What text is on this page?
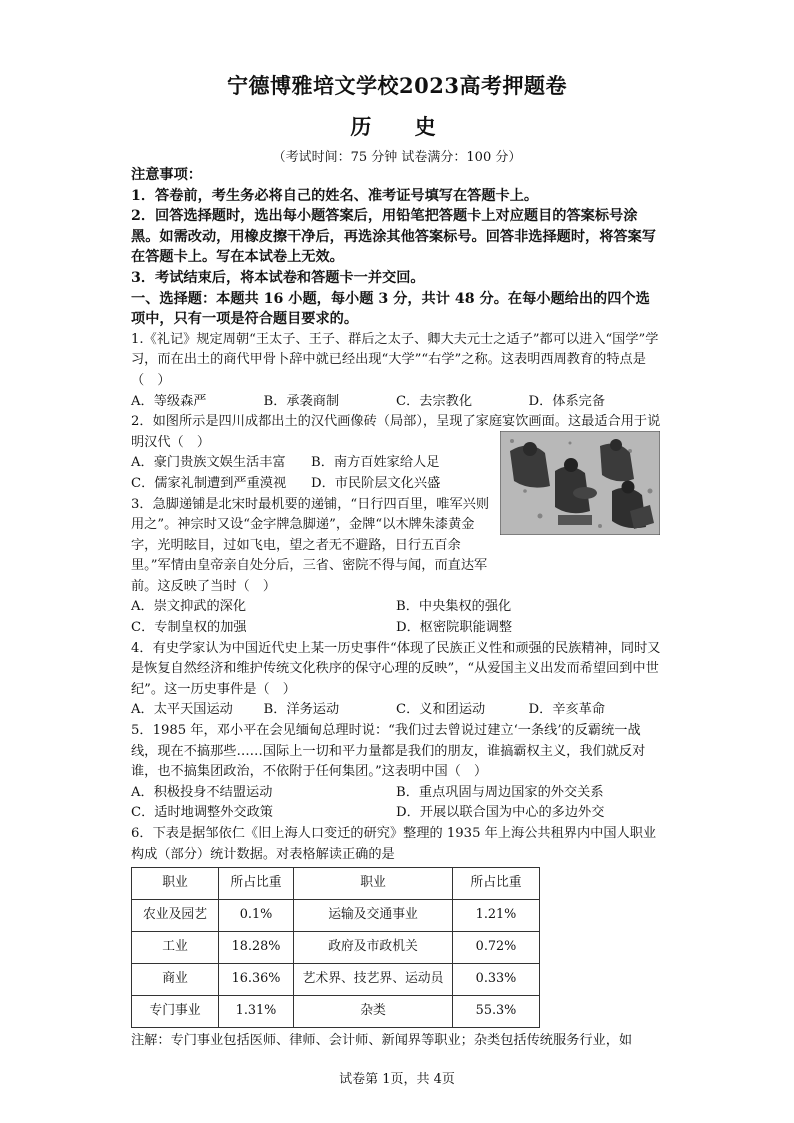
宁德博雅培文学校2023高考押题卷
历 史
（考试时间：75 分钟 试卷满分：100 分）

注意事项：

1．答卷前，考生务必将自己的姓名、准考证号填写在答题卡上。

2．回答选择题时，选出每小题答案后，用铅笔把答题卡上对应题目的答案标号涂黑。如需改动，用橡皮擦干净后，再选涂其他答案标号。回答非选择题时，将答案写在答题卡上。写在本试卷上无效。

3．考试结束后，将本试卷和答题卡一并交回。

一、选择题：本题共 16 小题，每小题 3 分，共计 48 分。在每小题给出的四个选项中，只有一项是符合题目要求的。

1.《礼记》规定周朝“王太子、王子、群后之太子、卿大夫元士之适子”都可以进入“国学”学习，而在出土的商代甲骨卜辞中就已经出现“大学”“右学”之称。这表明西周教育的特点是（　）

A．等级森严	B．承袭商制	C．去宗教化	D．体系完备

2．如图所示是四川成都出土的汉代画像砖（局部），呈现了家庭宴饮画面。这最适合用于说明汉代（　）

A．豪门贵族文娱生活丰富	B．南方百姓家给人足
C．儒家礼制遭到严重漠视	D．市民阶层文化兴盛

3．急脚递铺是北宋时最机要的递铺，“日行四百里，唯军兴则用之”。神宗时又设“金字牌急脚递”，金牌“以木牌朱漆黄金字，光明眩目，过如飞电，望之者无不避路，日行五百余里。”军情由皇帝亲自处分后，三省、密院不得与闻，而直达军前。这反映了当时（　）

A．崇文抑武的深化	B．中央集权的强化
C．专制皇权的加强	D．枢密院职能调整

4．有史学家认为中国近代史上某一历史事件“体现了民族正义性和顽强的民族精神，同时又是恢复自然经济和维护传统文化秩序的保守心理的反映”，“从爱国主义出发而希望回到中世纪”。这一历史事件是（　）

A．太平天国运动	B．洋务运动	C．义和团运动	D．辛亥革命

5．1985 年，邓小平在会见缅甸总理时说：“我们过去曾说过建立‘一条线’的反霸统一战线，现在不搞那些……国际上一切和平力量都是我们的朋友，谁搞霸权主义，我们就反对谁，也不搞集团政治，不依附于任何集团。”这表明中国（　）

A．积极投身不结盟运动	B．重点巩固与周边国家的外交关系
C．适时地调整外交政策	D．开展以联合国为中心的多边外交

6．下表是据邹依仁《旧上海人口变迁的研究》整理的 1935 年上海公共租界内中国人职业构成（部分）统计数据。对表格解读正确的是

职业	所占比重	职业	所占比重
农业及园艺	0.1%	运输及交通事业	1.21%
工业	18.28%	政府及市政机关	0.72%
商业	16.36%	艺术界、技艺界、运动员	0.33%
专门事业	1.31%	杂类	55.3%

注解：专门事业包括医师、律师、会计师、新闻界等职业；杂类包括传统服务行业，如

试卷第 1页，共 4页
